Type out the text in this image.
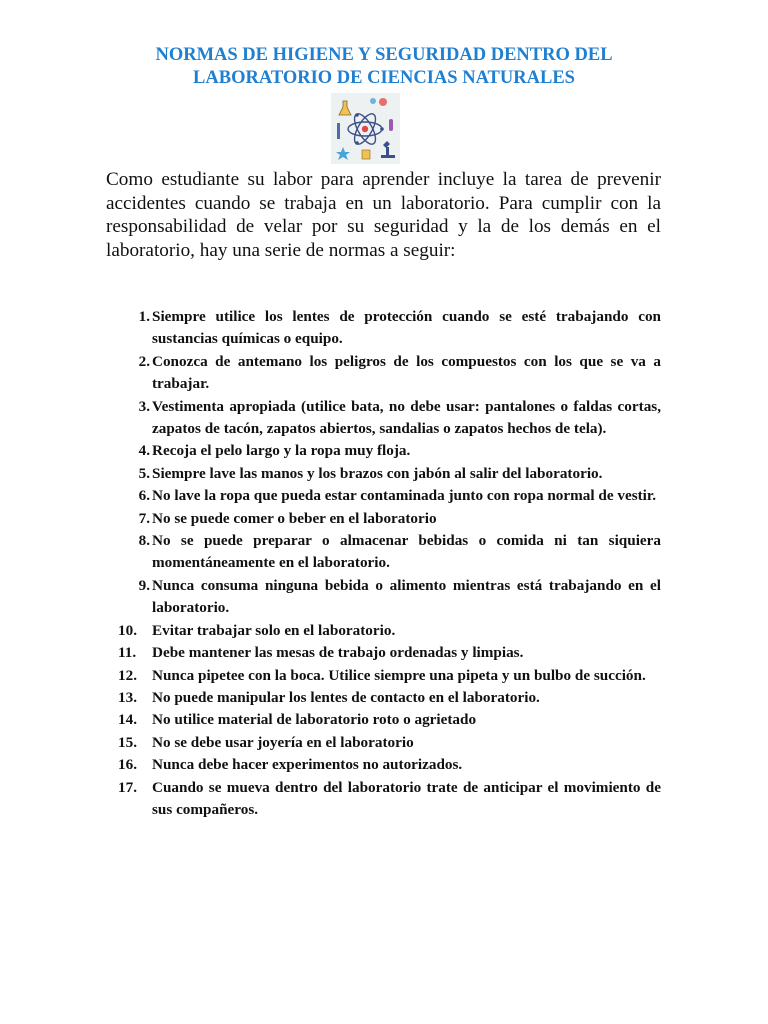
NORMAS DE HIGIENE Y SEGURIDAD DENTRO DEL
LABORATORIO DE CIENCIAS NATURALES

Como estudiante su labor para aprender incluye la tarea de prevenir accidentes cuando se trabaja en un laboratorio. Para cumplir con la responsabilidad de velar por su seguridad y la de los demás en el laboratorio, hay una serie de normas a seguir:

1. Siempre utilice los lentes de protección cuando se esté trabajando con sustancias químicas o equipo.
2. Conozca de antemano los peligros de los compuestos con los que se va a trabajar.
3. Vestimenta apropiada (utilice bata, no debe usar: pantalones o faldas cortas, zapatos de tacón, zapatos abiertos, sandalias o zapatos hechos de tela).
4. Recoja el pelo largo y la ropa muy floja.
5. Siempre lave las manos y los brazos con jabón al salir del laboratorio.
6. No lave la ropa que pueda estar contaminada junto con ropa normal de vestir.
7. No se puede comer o beber en el laboratorio
8. No se puede preparar o almacenar bebidas o comida ni tan siquiera momentáneamente en el laboratorio.
9. Nunca consuma ninguna bebida o alimento mientras está trabajando en el laboratorio.
10. Evitar trabajar solo en el laboratorio.
11.	Debe mantener las mesas de trabajo ordenadas y limpias.
12. Nunca pipetee con la boca. Utilice siempre una pipeta y un bulbo de succión.
13. No puede manipular los lentes de contacto en el laboratorio.
14. No utilice material de laboratorio roto o agrietado
15. No se debe usar joyería en el laboratorio
16. Nunca debe hacer experimentos no autorizados.
17. Cuando se mueva dentro del laboratorio trate de anticipar el movimiento de sus compañeros.
